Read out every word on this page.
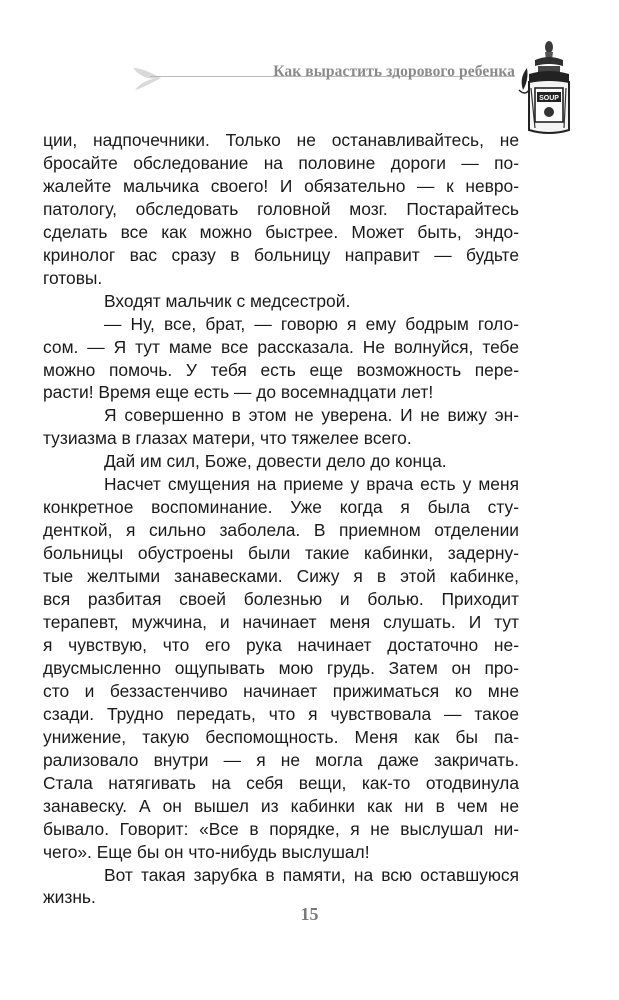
Как вырастить здорового ребенка
SOUP

ции, надпочечники. Только не останавливайтесь, не
бросайте обследование на половине дороги — по-
жалейте мальчика своего! И обязательно — к невро-
патологу, обследовать головной мозг. Постарайтесь
сделать все как можно быстрее. Может быть, эндо-
кринолог вас сразу в больницу направит — будьте
готовы.

Входят мальчик с медсестрой.

— Ну, все, брат, — говорю я ему бодрым голо-
сом. — Я тут маме все рассказала. Не волнуйся, тебе
можно помочь. У тебя есть еще возможность пере-
расти! Время еще есть — до восемнадцати лет!

Я совершенно в этом не уверена. И не вижу эн-
тузиазма в глазах матери, что тяжелее всего.

Дай им сил, Боже, довести дело до конца.

Насчет смущения на приеме у врача есть у меня
конкретное воспоминание. Уже когда я была сту-
денткой, я сильно заболела. В приемном отделении
больницы обустроены были такие кабинки, задерну-
тые желтыми занавесками. Сижу я в этой кабинке,
вся разбитая своей болезнью и болью. Приходит
терапевт, мужчина, и начинает меня слушать. И тут
я чувствую, что его рука начинает достаточно не-
двусмысленно ощупывать мою грудь. Затем он про-
сто и беззастенчиво начинает прижиматься ко мне
сзади. Трудно передать, что я чувствовала — такое
унижение, такую беспомощность. Меня как бы па-
рализовало внутри — я не могла даже закричать.
Стала натягивать на себя вещи, как-то отодвинула
занавеску. А он вышел из кабинки как ни в чем не
бывало. Говорит: «Все в порядке, я не выслушал ни-
чего». Еще бы он что-нибудь выслушал!

Вот такая зарубка в памяти, на всю оставшуюся
жизнь.

15
